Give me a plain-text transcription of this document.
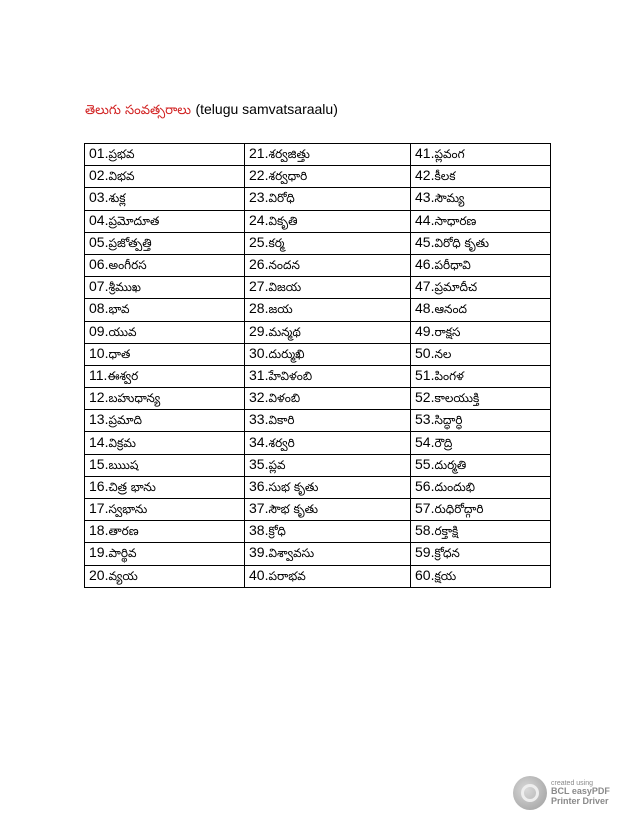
తెలుగు సంవత్సరాలు (telugu samvatsaraalu)
01.ప్రభవ	21.శర్వజిత్తు	41.ప్లవంగ
02.విభవ	22.శర్వధారి	42.కీలక
03.శుక్ల	23.విరోధి	43.సౌమ్య
04.ప్రమోదూత	24.వికృతి	44.సాధారణ
05.ప్రజోత్పత్తి	25.కర్మ	45.విరోధి కృతు
06.అంగీరస	26.నందన	46.పరీధావి
07.శ్రీముఖ	27.విజయ	47.ప్రమాదీచ
08.భావ	28.జయ	48.ఆనంద
09.యువ	29.మన్మథ	49.రాక్షస
10.ధాత	30.దుర్ముఖి	50.నల
11.ఈశ్వర	31.హేవిళంబి	51.పింగళ
12.బహుధాన్య	32.విళంబి	52.కాలయుక్తి
13.ప్రమాది	33.వికారి	53.సిద్ధార్ధి
14.విక్రమ	34.శర్వరి	54.రౌద్రి
15.ఋుష	35.ప్లవ	55.దుర్మతి
16.చిత్ర భాను	36.సుభ కృతు	56.దుందుభి
17.స్వభాను	37.సౌభ కృతు	57.రుధిరోద్గారి
18.తారణ	38.క్రోధి	58.రక్తాక్షి
19.పార్థివ	39.విశ్వావసు	59.క్రోధన
20.వ్యయ	40.పరాభవ	60.క్షయ
created using
BCL easyPDF
Printer Driver
